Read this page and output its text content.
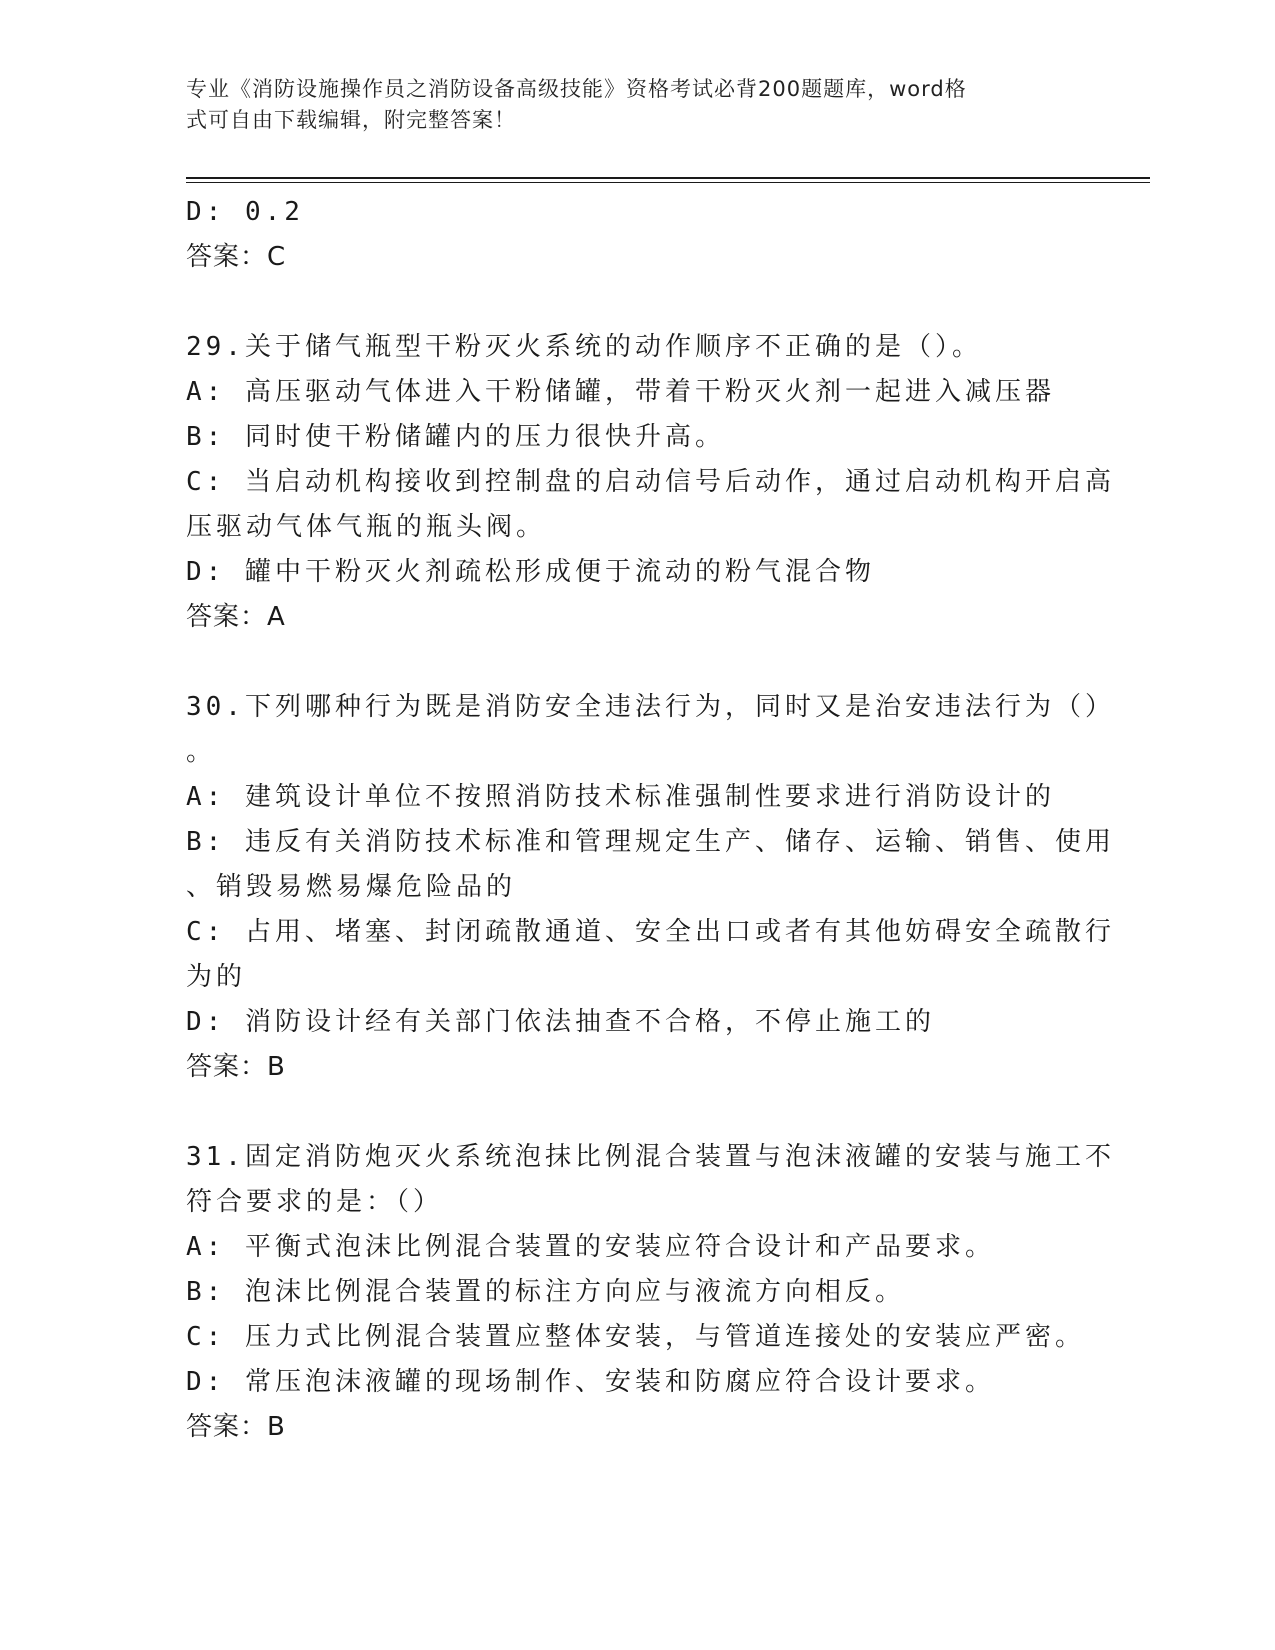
专业《消防设施操作员之消防设备高级技能》资格考试必背200题题库，word格
式可自由下载编辑，附完整答案！
D: 0.2
答案：C
29.关于储气瓶型干粉灭火系统的动作顺序不正确的是（）。
A: 高压驱动气体进入干粉储罐，带着干粉灭火剂一起进入减压器
B: 同时使干粉储罐内的压力很快升高。
C: 当启动机构接收到控制盘的启动信号后动作，通过启动机构开启高
压驱动气体气瓶的瓶头阀。
D: 罐中干粉灭火剂疏松形成便于流动的粉气混合物
答案：A
30.下列哪种行为既是消防安全违法行为，同时又是治安违法行为（）
。
A: 建筑设计单位不按照消防技术标准强制性要求进行消防设计的
B: 违反有关消防技术标准和管理规定生产、储存、运输、销售、使用
、销毁易燃易爆危险品的
C: 占用、堵塞、封闭疏散通道、安全出口或者有其他妨碍安全疏散行
为的
D: 消防设计经有关部门依法抽查不合格，不停止施工的
答案：B
31.固定消防炮灭火系统泡抹比例混合装置与泡沫液罐的安装与施工不
符合要求的是：（）
A: 平衡式泡沫比例混合装置的安装应符合设计和产品要求。
B: 泡沫比例混合装置的标注方向应与液流方向相反。
C: 压力式比例混合装置应整体安装，与管道连接处的安装应严密。
D: 常压泡沫液罐的现场制作、安装和防腐应符合设计要求。
答案：B
